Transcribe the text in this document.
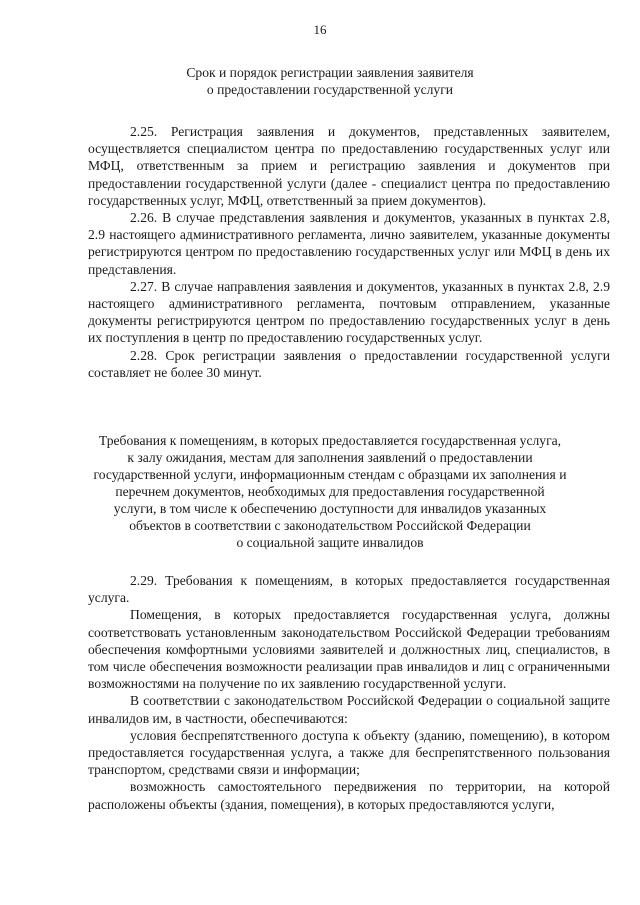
16
Срок и порядок регистрации заявления заявителя
о предоставлении государственной услуги

2.25. Регистрация заявления и документов, представленных заявителем, осуществляется специалистом центра по предоставлению государственных услуг или МФЦ, ответственным за прием и регистрацию заявления и документов при предоставлении государственной услуги (далее - специалист центра по предоставлению государственных услуг, МФЦ, ответственный за прием документов).

2.26. В случае представления заявления и документов, указанных в пунктах 2.8, 2.9 настоящего административного регламента, лично заявителем, указанные документы регистрируются центром по предоставлению государственных услуг или МФЦ в день их представления.

2.27. В случае направления заявления и документов, указанных в пунктах 2.8, 2.9 настоящего административного регламента, почтовым отправлением, указанные документы регистрируются центром по предоставлению государственных услуг в день их поступления в центр по предоставлению государственных услуг.

2.28. Срок регистрации заявления о предоставлении государственной услуги составляет не более 30 минут.

Требования к помещениям, в которых предоставляется государственная услуга,
к залу ожидания, местам для заполнения заявлений о предоставлении
государственной услуги, информационным стендам с образцами их заполнения и
перечнем документов, необходимых для предоставления государственной
услуги, в том числе к обеспечению доступности для инвалидов указанных
объектов в соответствии с законодательством Российской Федерации
о социальной защите инвалидов

2.29. Требования к помещениям, в которых предоставляется государственная услуга.

Помещения, в которых предоставляется государственная услуга, должны соответствовать установленным законодательством Российской Федерации требованиям обеспечения комфортными условиями заявителей и должностных лиц, специалистов, в том числе обеспечения возможности реализации прав инвалидов и лиц с ограниченными возможностями на получение по их заявлению государственной услуги.

В соответствии с законодательством Российской Федерации о социальной защите инвалидов им, в частности, обеспечиваются:

условия беспрепятственного доступа к объекту (зданию, помещению), в котором предоставляется государственная услуга, а также для беспрепятственного пользования транспортом, средствами связи и информации;

возможность самостоятельного передвижения по территории, на которой расположены объекты (здания, помещения), в которых предоставляются услуги,
